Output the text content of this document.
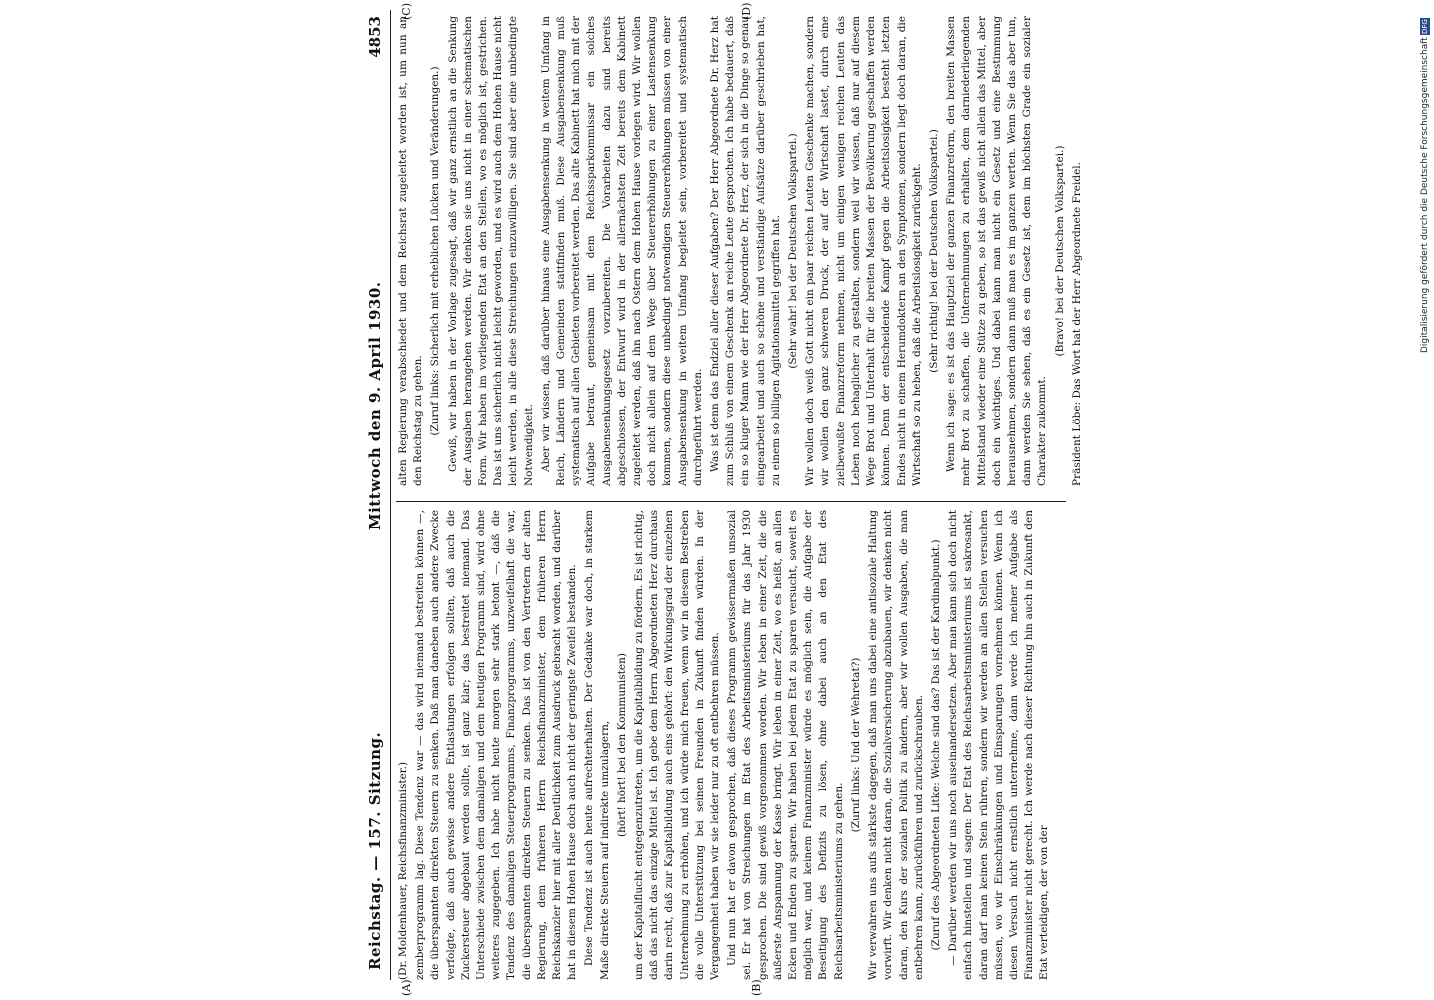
Reichstag. — 157. Sitzung.
Mittwoch den 9. April 1930.
4853
(A)	(B)
(C)	(D)

(Dr. Moldenhauer, Reichsfinanzminister.) zemberprogramm lag. Diese Tendenz war — das wird niemand bestreiten können —, die überspannten direkten Steuern zu senken. Daß man daneben auch andere Zwecke verfolgte, daß auch gewisse andere Entlastungen erfolgen sollten, daß auch die Zuckersteuer abgebaut werden sollte, ist ganz klar; das bestreitet niemand. Das Unterschiede zwischen dem damaligen und dem heutigen Programm sind, wird ohne weiteres zugegeben. Ich habe nicht heute morgen sehr stark betont —, daß die Tendenz des damaligen Steuerprogramms, Finanzprogramms, unzweifelhaft die war, die überspannten direkten Steuern zu senken. Das ist von den Vertretern der alten Regierung, dem früheren Herrn Reichsfinanzminister, dem früheren Herrn Reichskanzler hier mit aller Deutlichkeit zum Ausdruck gebracht worden, und darüber hat in diesem Hohen Hause doch auch nicht der geringste Zweifel bestanden. Diese Tendenz ist auch heute aufrechterhalten. Der Gedanke war doch, in starkem Maße direkte Steuern auf indirekte umzulagern, (hört! hört! bei den Kommunisten) um der Kapitalflucht entgegenzutreten, um die Kapitalbildung zu fördern. Es ist richtig, daß das nicht das einzige Mittel ist. Ich gebe dem Herrn Abgeordneten Herz durchaus darin recht, daß zur Kapitalbildung auch eins gehört: den Wirkungsgrad der einzelnen Unternehmung zu erhöhen, und ich würde mich freuen, wenn wir in diesem Bestreben die volle Unterstützung bei seinen Freunden in Zukunft finden würden. In der Vergangenheit haben wir sie leider nur zu oft entbehren müssen. Und nun hat er davon gesprochen, daß dieses Programm gewissermaßen unsozial sei. Er hat von Streichungen im Etat des Arbeitsministeriums für das Jahr 1930 gesprochen. Die sind gewiß vorgenommen worden. Wir leben in einer Zeit, die die äußerste Anspannung der Kasse bringt. Wir leben in einer Zeit, wo es heißt, an allen Ecken und Enden zu sparen. Wir haben bei jedem Etat zu sparen versucht, soweit es möglich war, und keinem Finanzminister würde es möglich sein, die Aufgabe der Beseitigung des Defizits zu lösen, ohne dabei auch an den Etat des Reichsarbeitsministeriums zu gehen.

(Zuruf links: Und der Wehretat?) Wir verwahren uns aufs stärkste dagegen, daß man uns dabei eine antisoziale Haltung vorwirft. Wir denken nicht daran, die Sozialversicherung abzubauen, wir denken nicht daran, den Kurs der sozialen Politik zu ändern, aber wir wollen Ausgaben, die man entbehren kann, zurückführen und zurückschrauben. (Zuruf des Abgeordneten Litke: Welche sind das? Das ist der Kardinalpunkt.) — Darüber werden wir uns noch auseinandersetzen. Aber man kann sich doch nicht einfach hinstellen und sagen: Der Etat des Reichsarbeitsministeriums ist sakrosankt, daran darf man keinen Stein rühren, sondern wir werden an allen Stellen versuchen müssen, wo wir Einschränkungen und Einsparungen vornehmen können. Wenn ich diesen Versuch nicht ernstlich unternehme, dann werde ich meiner Aufgabe als Finanzminister nicht gerecht. Ich werde nach dieser Richtung hin auch in Zukunft den Etat verteidigen, der von der

alten Regierung verabschiedet und dem Reichsrat zugeleitet worden ist, um nun an den Reichstag zu gehen. (Zuruf links: Sicherlich mit erheblichen Lücken und Veränderungen.) Gewiß, wir haben in der Vorlage zugesagt, daß wir ganz ernstlich an die Senkung der Ausgaben herangehen werden. Wir denken sie uns nicht in einer schematischen Form. Wir haben im vorliegenden Etat an den Stellen, wo es möglich ist, gestrichen. Das ist uns sicherlich nicht leicht geworden, und es wird auch dem Hohen Hause nicht leicht werden, in alle diese Streichungen einzuwilligen. Sie sind aber eine unbedingte Notwendigkeit. Aber wir wissen, daß darüber hinaus eine Ausgabensenkung in weitem Umfang in Reich, Ländern und Gemeinden stattfinden muß. Diese Ausgabensenkung muß systematisch auf allen Gebieten vorbereitet werden. Das alte Kabinett hat mich mit der Aufgabe betraut, gemeinsam mit dem Reichssparkommissar ein solches Ausgabensenkungsgesetz vorzubereiten. Die Vorarbeiten dazu sind bereits abgeschlossen, der Entwurf wird in der allernächsten Zeit bereits dem Kabinett zugeleitet werden, daß ihn nach Ostern dem Hohen Hause vorlegen wird. Wir wollen doch nicht allein auf dem Wege über Steuererhöhungen zu einer Lastensenkung kommen, sondern diese unbedingt notwendigen Steuererhöhungen müssen von einer Ausgabensenkung in weitem Umfang begleitet sein, vorbereitet und systematisch durchgeführt werden. Was ist denn das Endziel aller dieser Aufgaben? Der Herr Abgeordnete Dr. Herz hat zum Schluß von einem Geschenk an reiche Leute gesprochen. Ich habe bedauert, daß ein so kluger Mann wie der Herr Abgeordnete Dr. Herz, der sich in die Dinge so genau eingearbeitet und auch so schöne und verständige Aufsätze darüber geschrieben hat, zu einem so billigen Agitationsmittel gegriffen hat. (Sehr wahr! bei der Deutschen Volkspartei.) Wir wollen doch weiß Gott nicht ein paar reichen Leuten Geschenke machen, sondern wir wollen den ganz schweren Druck, der auf der Wirtschaft lastet, durch eine zielbewußte Finanzreform nehmen, nicht um einigen wenigen reichen Leuten das Leben noch behaglicher zu gestalten, sondern weil wir wissen, daß nur auf diesem Wege Brot und Unterhalt für die breiten Massen der Bevölkerung geschaffen werden können. Denn der entscheidende Kampf gegen die Arbeitslosigkeit besteht letzten Endes nicht in einem Herumdoktern an den Symptomen, sondern liegt doch daran, die Wirtschaft so zu heben, daß die Arbeitslosigkeit zurückgeht. (Sehr richtig! bei der Deutschen Volkspartei.) Wenn ich sage: es ist das Hauptziel der ganzen Finanzreform, den breiten Massen mehr Brot zu schaffen, die Unternehmungen zu erhalten, dem darniederliegenden Mittelstand wieder eine Stütze zu geben, so ist das gewiß nicht allein das Mittel, aber doch ein wichtiges. Und dabei kann man nicht ein Gesetz und eine Bestimmung herausnehmen, sondern dann muß man es im ganzen werten. Wenn Sie das aber tun, dann werden Sie sehen, daß es ein Gesetz ist, dem im höchsten Grade ein sozialer Charakter zukommt.

(Bravo! bei der Deutschen Volkspartei.) Präsident Löbe: Das Wort hat der Herr Abgeordnete Freidel.	Digitalisierung gefördert durch die Deutsche Forschungsgemeinschaft DFG
